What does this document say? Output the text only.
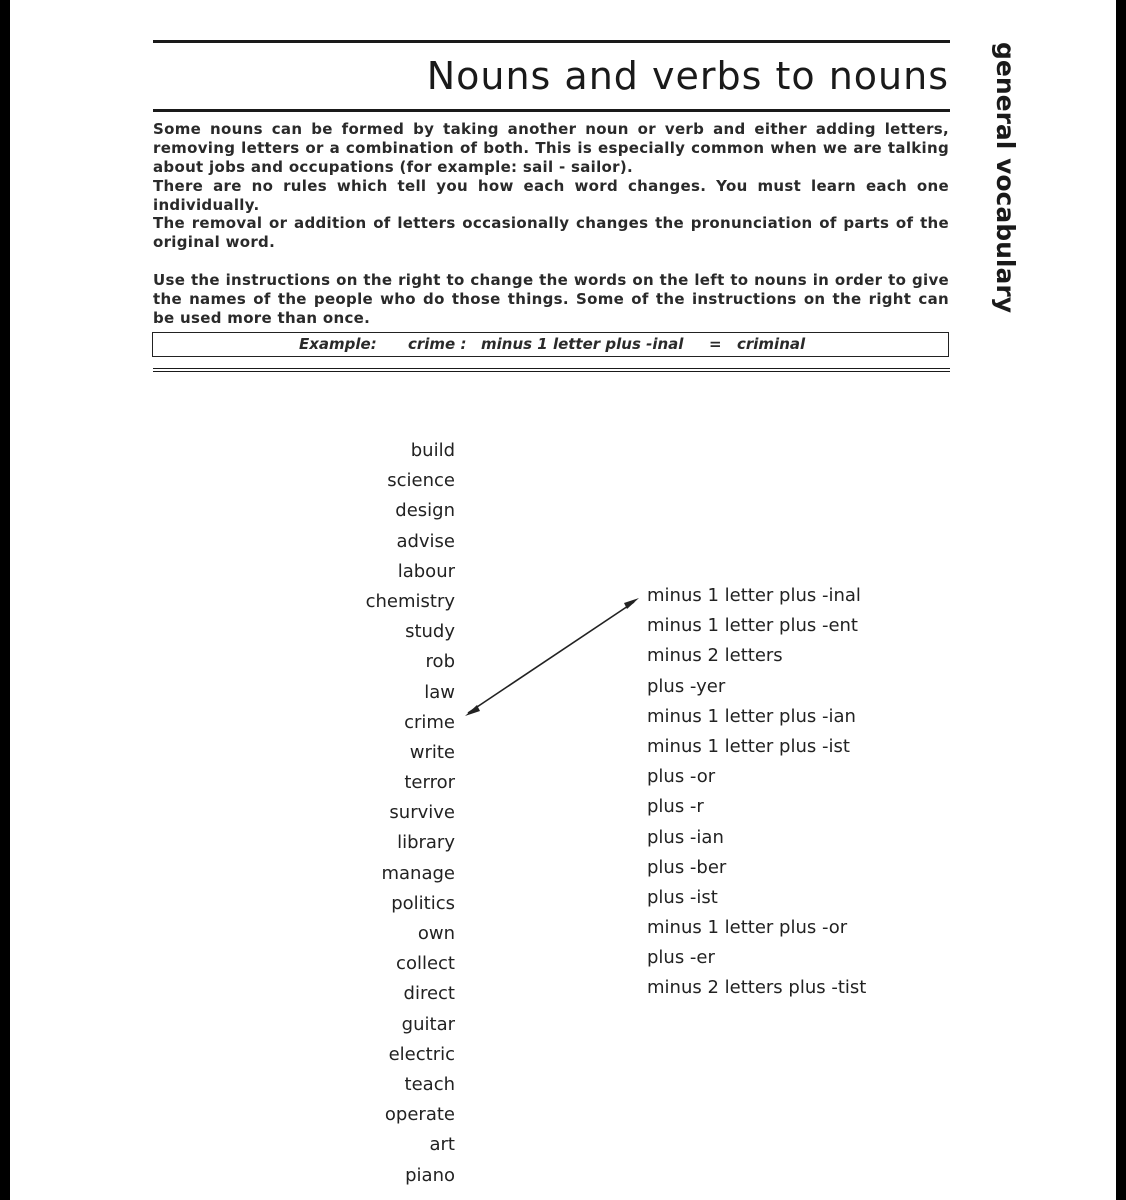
Nouns and verbs to nouns general vocabulary

Some nouns can be formed by taking another noun or verb and either adding letters, removing letters or a combination of both. This is especially common when we are talking about jobs and occupations (for example: sail - sailor).

There are no rules which tell you how each word changes. You must learn each one individually.

The removal or addition of letters occasionally changes the pronunciation of parts of the original word.

Use the instructions on the right to change the words on the left to nouns in order to give the names of the people who do those things. Some of the instructions on the right can be used more than once.

Example: crime : minus 1 letter plus -inal = criminal
build
science
design
advise
labour
chemistry
study
rob
law
crime
write
terror
survive
library
manage
politics
own
collect
direct
guitar
electric
teach
operate
art
piano
minus 1 letter plus -inal
minus 1 letter plus -ent
minus 2 letters
plus -yer
minus 1 letter plus -ian
minus 1 letter plus -ist
plus -or
plus -r
plus -ian
plus -ber
plus -ist
minus 1 letter plus -or
plus -er
minus 2 letters plus -tist
